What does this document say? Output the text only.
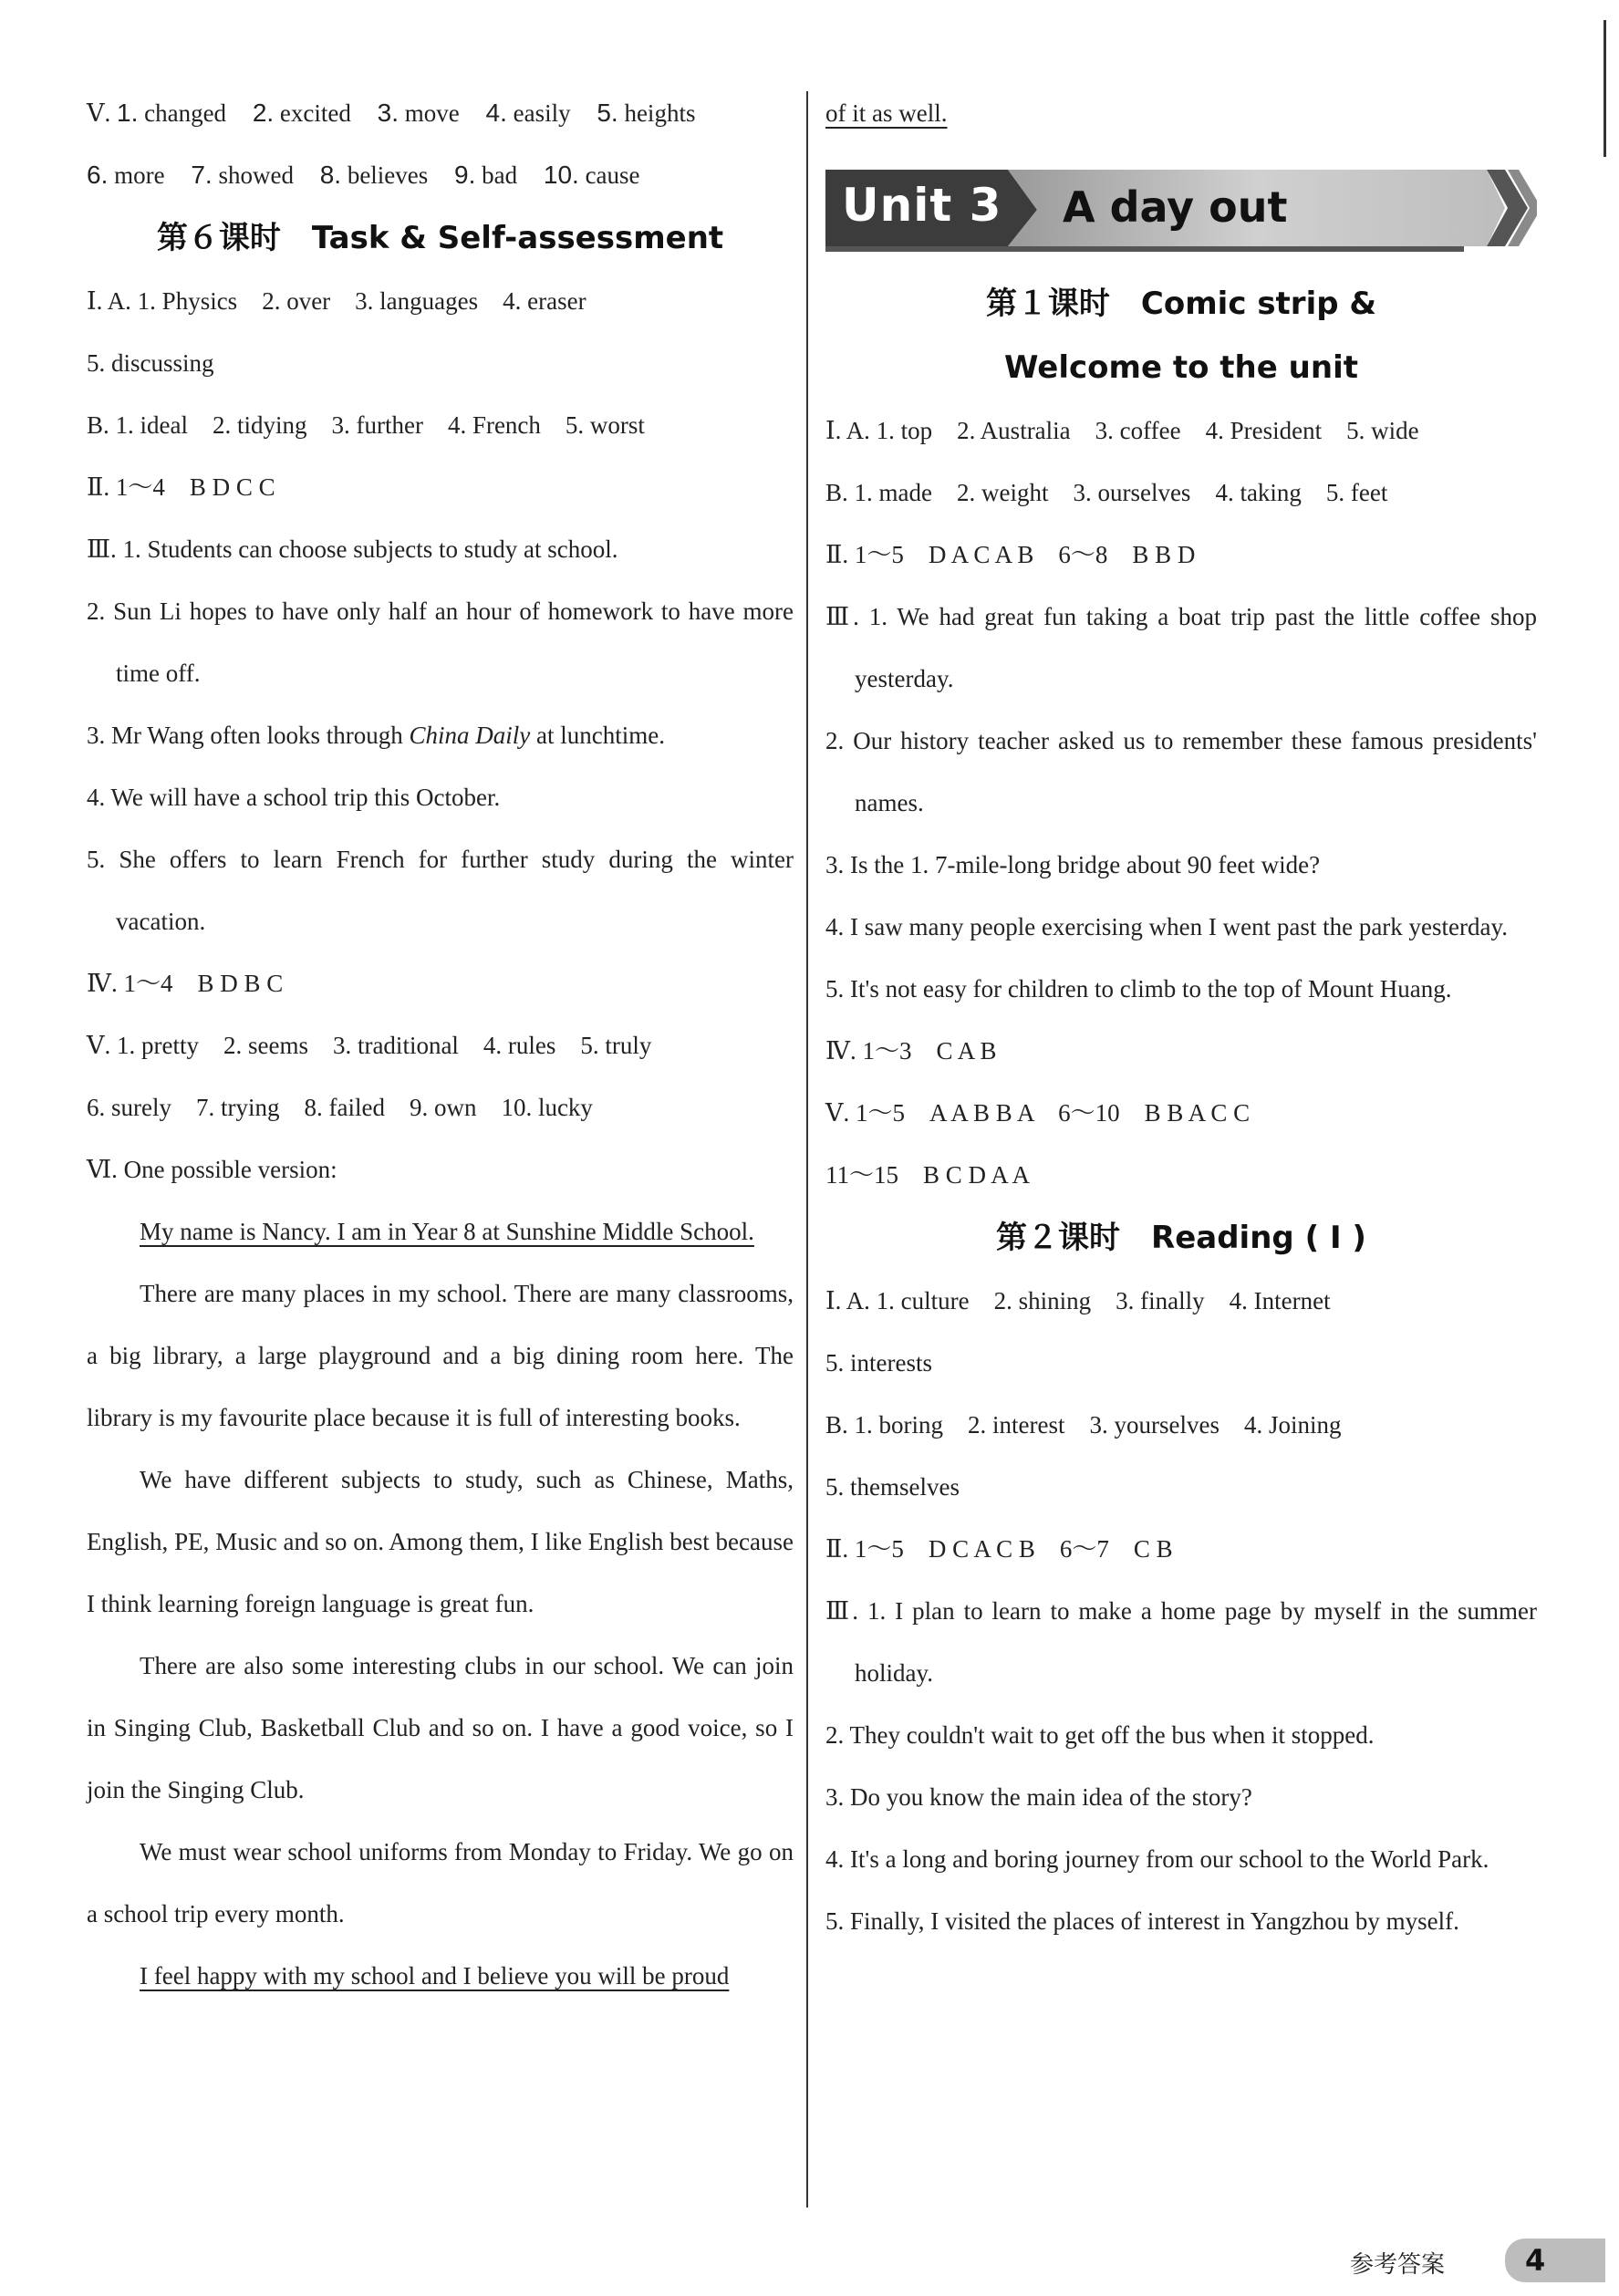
Ⅴ. 1. changed 2. excited 3. move 4. easily 5. heights
6. more 7. showed 8. believes 9. bad 10. cause
第６课时　Task & Self-assessment
Ⅰ. A. 1. Physics　2. over　3. languages　4. eraser
5. discussing
B. 1. ideal　2. tidying　3. further　4. French　5. worst
Ⅱ. 1～4　B D C C
Ⅲ. 1. Students can choose subjects to study at school.

2. Sun Li hopes to have only half an hour of homework to have more time off.

3. Mr Wang often looks through China Daily at lunchtime.
4. We will have a school trip this October.

5. She offers to learn French for further study during the winter vacation.

Ⅳ. 1～4　B D B C
Ⅴ. 1. pretty　2. seems　3. traditional　4. rules　5. truly
6. surely　7. trying　8. failed　9. own　10. lucky
Ⅵ. One possible version:

My name is Nancy. I am in Year 8 at Sunshine Middle School.

There are many places in my school. There are many classrooms, a big library, a large playground and a big dining room here. The library is my favourite place because it is full of interesting books.

We have different subjects to study, such as Chinese, Maths, English, PE, Music and so on. Among them, I like English best because I think learning foreign language is great fun.

There are also some interesting clubs in our school. We can join in Singing Club, Basketball Club and so on. I have a good voice, so I join the Singing Club.

We must wear school uniforms from Monday to Friday. We go on a school trip every month.

I feel happy with my school and I believe you will be proud

of it as well.
Unit 3 A day out
第１课时　Comic strip &
Welcome to the unit
Ⅰ. A. 1. top　2. Australia　3. coffee　4. President　5. wide
B. 1. made　2. weight　3. ourselves　4. taking　5. feet
Ⅱ. 1～5　D A C A B　6～8　B B D

Ⅲ. 1. We had great fun taking a boat trip past the little coffee shop yesterday.

2. Our history teacher asked us to remember these famous presidents' names.

3. Is the 1. 7-mile-long bridge about 90 feet wide?

4. I saw many people exercising when I went past the park yesterday.

5. It's not easy for children to climb to the top of Mount Huang.

Ⅳ. 1～3　C A B
Ⅴ. 1～5　A A B B A　6～10　B B A C C
11～15　B C D A A
第２课时　Reading ( Ⅰ )
Ⅰ. A. 1. culture　2. shining　3. finally　4. Internet
5. interests
B. 1. boring　2. interest　3. yourselves　4. Joining
5. themselves
Ⅱ. 1～5　D C A C B　6～7　C B

Ⅲ. 1. I plan to learn to make a home page by myself in the summer holiday.

2. They couldn't wait to get off the bus when it stopped.
3. Do you know the main idea of the story?

4. It's a long and boring journey from our school to the World Park.

5. Finally, I visited the places of interest in Yangzhou by myself.

参考答案	4
